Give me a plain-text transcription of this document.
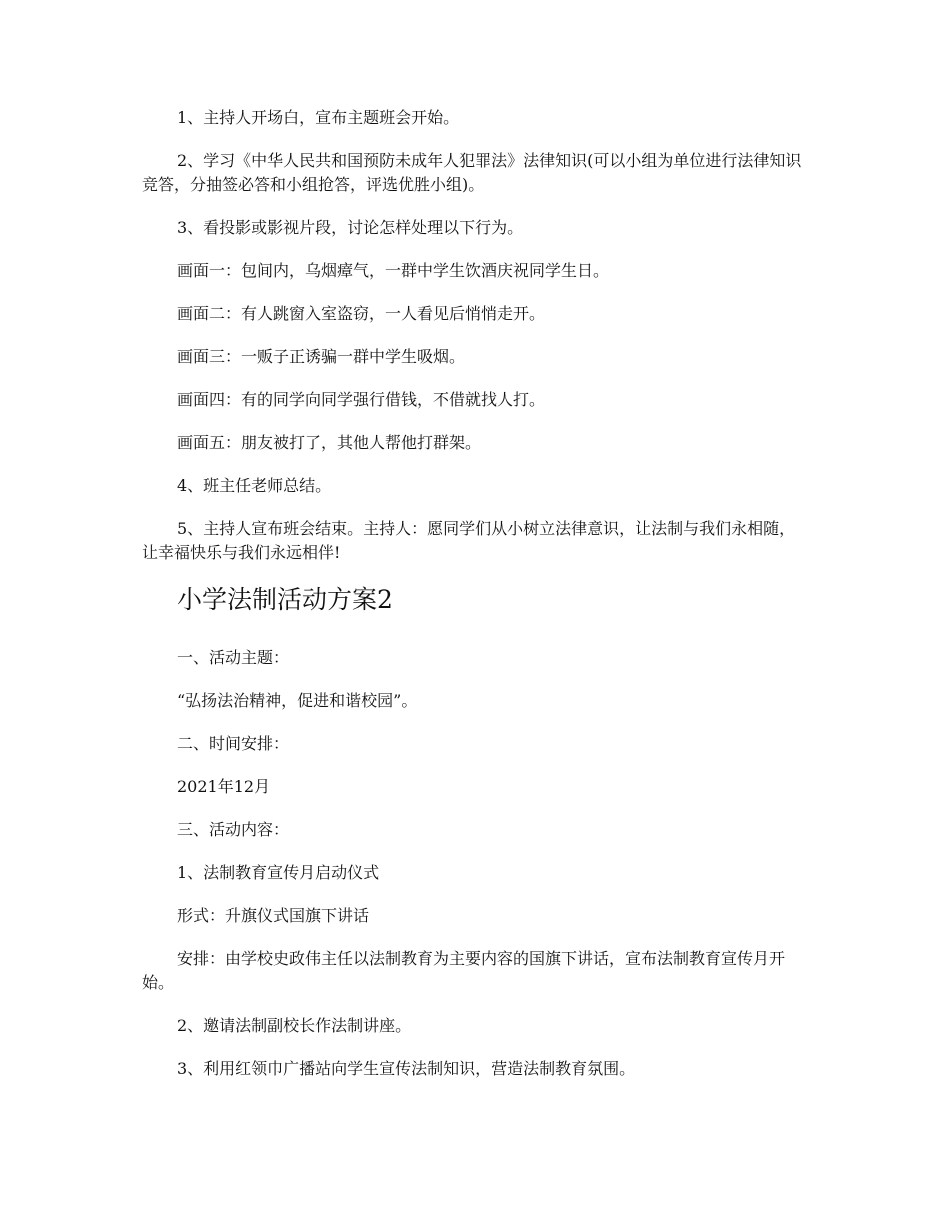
1、主持人开场白，宣布主题班会开始。

2、学习《中华人民共和国预防未成年人犯罪法》法律知识(可以小组为单位进行法律知识竞答，分抽签必答和小组抢答，评选优胜小组)。

3、看投影或影视片段，讨论怎样处理以下行为。

画面一：包间内，乌烟瘴气，一群中学生饮酒庆祝同学生日。

画面二：有人跳窗入室盗窃，一人看见后悄悄走开。

画面三：一贩子正诱骗一群中学生吸烟。

画面四：有的同学向同学强行借钱，不借就找人打。

画面五：朋友被打了，其他人帮他打群架。

4、班主任老师总结。

5、主持人宣布班会结束。主持人：愿同学们从小树立法律意识，让法制与我们永相随，让幸福快乐与我们永远相伴!

小学法制活动方案2

一、活动主题：

“弘扬法治精神，促进和谐校园”。

二、时间安排：

2021年12月

三、活动内容：

1、法制教育宣传月启动仪式

形式：升旗仪式国旗下讲话

安排：由学校史政伟主任以法制教育为主要内容的国旗下讲话，宣布法制教育宣传月开始。

2、邀请法制副校长作法制讲座。

3、利用红领巾广播站向学生宣传法制知识，营造法制教育氛围。
